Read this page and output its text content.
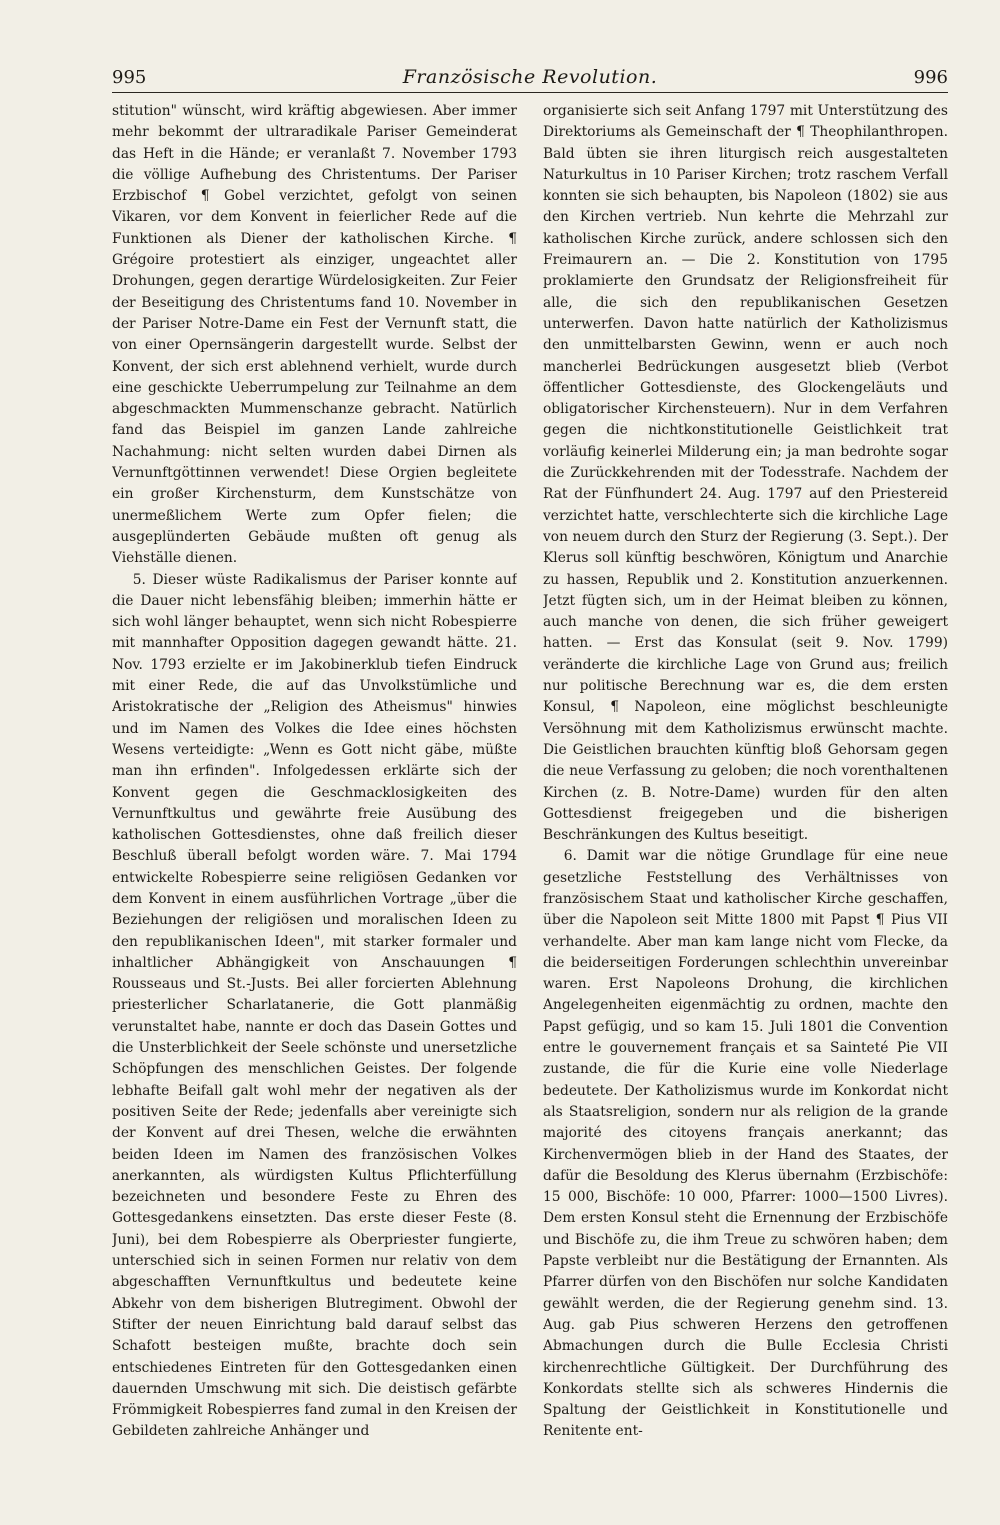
995	Französische Revolution.	996

stitution" wünscht, wird kräftig abgewiesen. Aber immer mehr bekommt der ultraradikale Pariser Gemeinderat das Heft in die Hände; er veranlaßt 7. November 1793 die völlige Aufhebung des Christentums. Der Pariser Erzbischof ¶ Gobel verzichtet, gefolgt von seinen Vikaren, vor dem Konvent in feierlicher Rede auf die Funktionen als Diener der katholischen Kirche. ¶ Grégoire protestiert als einziger, ungeachtet aller Drohungen, gegen derartige Würdelosigkeiten. Zur Feier der Beseitigung des Christentums fand 10. November in der Pariser Notre-Dame ein Fest der Vernunft statt, die von einer Opernsängerin dargestellt wurde. Selbst der Konvent, der sich erst ablehnend verhielt, wurde durch eine geschickte Ueberrumpelung zur Teilnahme an dem abgeschmackten Mummenschanze gebracht. Natürlich fand das Beispiel im ganzen Lande zahlreiche Nachahmung: nicht selten wurden dabei Dirnen als Vernunftgöttinnen verwendet! Diese Orgien begleitete ein großer Kirchensturm, dem Kunstschätze von unermeßlichem Werte zum Opfer fielen; die ausgeplünderten Gebäude mußten oft genug als Viehställe dienen.

5. Dieser wüste Radikalismus der Pariser konnte auf die Dauer nicht lebensfähig bleiben; immerhin hätte er sich wohl länger behauptet, wenn sich nicht Robespierre mit mannhafter Opposition dagegen gewandt hätte. 21. Nov. 1793 erzielte er im Jakobinerklub tiefen Eindruck mit einer Rede, die auf das Unvolkstümliche und Aristokratische der „Religion des Atheismus" hinwies und im Namen des Volkes die Idee eines höchsten Wesens verteidigte: „Wenn es Gott nicht gäbe, müßte man ihn erfinden". Infolgedessen erklärte sich der Konvent gegen die Geschmacklosigkeiten des Vernunftkultus und gewährte freie Ausübung des katholischen Gottesdienstes, ohne daß freilich dieser Beschluß überall befolgt worden wäre. 7. Mai 1794 entwickelte Robespierre seine religiösen Gedanken vor dem Konvent in einem ausführlichen Vortrage „über die Beziehungen der religiösen und moralischen Ideen zu den republikanischen Ideen", mit starker formaler und inhaltlicher Abhängigkeit von Anschauungen ¶ Rousseaus und St.-Justs. Bei aller forcierten Ablehnung priesterlicher Scharlatanerie, die Gott planmäßig verunstaltet habe, nannte er doch das Dasein Gottes und die Unsterblichkeit der Seele schönste und unersetzliche Schöpfungen des menschlichen Geistes. Der folgende lebhafte Beifall galt wohl mehr der negativen als der positiven Seite der Rede; jedenfalls aber vereinigte sich der Konvent auf drei Thesen, welche die erwähnten beiden Ideen im Namen des französischen Volkes anerkannten, als würdigsten Kultus Pflichterfüllung bezeichneten und besondere Feste zu Ehren des Gottesgedankens einsetzten. Das erste dieser Feste (8. Juni), bei dem Robespierre als Oberpriester fungierte, unterschied sich in seinen Formen nur relativ von dem abgeschafften Vernunftkultus und bedeutete keine Abkehr von dem bisherigen Blutregiment. Obwohl der Stifter der neuen Einrichtung bald darauf selbst das Schafott besteigen mußte, brachte doch sein entschiedenes Eintreten für den Gottesgedanken einen dauernden Umschwung mit sich. Die deistisch gefärbte Frömmigkeit Robespierres fand zumal in den Kreisen der Gebildeten zahlreiche Anhänger und

organisierte sich seit Anfang 1797 mit Unterstützung des Direktoriums als Gemeinschaft der ¶ Theophilanthropen. Bald übten sie ihren liturgisch reich ausgestalteten Naturkultus in 10 Pariser Kirchen; trotz raschem Verfall konnten sie sich behaupten, bis Napoleon (1802) sie aus den Kirchen vertrieb. Nun kehrte die Mehrzahl zur katholischen Kirche zurück, andere schlossen sich den Freimaurern an. — Die 2. Konstitution von 1795 proklamierte den Grundsatz der Religionsfreiheit für alle, die sich den republikanischen Gesetzen unterwerfen. Davon hatte natürlich der Katholizismus den unmittelbarsten Gewinn, wenn er auch noch mancherlei Bedrückungen ausgesetzt blieb (Verbot öffentlicher Gottesdienste, des Glockengeläuts und obligatorischer Kirchensteuern). Nur in dem Verfahren gegen die nichtkonstitutionelle Geistlichkeit trat vorläufig keinerlei Milderung ein; ja man bedrohte sogar die Zurückkehrenden mit der Todesstrafe. Nachdem der Rat der Fünfhundert 24. Aug. 1797 auf den Priestereid verzichtet hatte, verschlechterte sich die kirchliche Lage von neuem durch den Sturz der Regierung (3. Sept.). Der Klerus soll künftig beschwören, Königtum und Anarchie zu hassen, Republik und 2. Konstitution anzuerkennen. Jetzt fügten sich, um in der Heimat bleiben zu können, auch manche von denen, die sich früher geweigert hatten. — Erst das Konsulat (seit 9. Nov. 1799) veränderte die kirchliche Lage von Grund aus; freilich nur politische Berechnung war es, die dem ersten Konsul, ¶ Napoleon, eine möglichst beschleunigte Versöhnung mit dem Katholizismus erwünscht machte. Die Geistlichen brauchten künftig bloß Gehorsam gegen die neue Verfassung zu geloben; die noch vorenthaltenen Kirchen (z. B. Notre-Dame) wurden für den alten Gottesdienst freigegeben und die bisherigen Beschränkungen des Kultus beseitigt.

6. Damit war die nötige Grundlage für eine neue gesetzliche Feststellung des Verhältnisses von französischem Staat und katholischer Kirche geschaffen, über die Napoleon seit Mitte 1800 mit Papst ¶ Pius VII verhandelte. Aber man kam lange nicht vom Flecke, da die beiderseitigen Forderungen schlechthin unvereinbar waren. Erst Napoleons Drohung, die kirchlichen Angelegenheiten eigenmächtig zu ordnen, machte den Papst gefügig, und so kam 15. Juli 1801 die Convention entre le gouvernement français et sa Sainteté Pie VII zustande, die für die Kurie eine volle Niederlage bedeutete. Der Katholizismus wurde im Konkordat nicht als Staatsreligion, sondern nur als religion de la grande majorité des citoyens français anerkannt; das Kirchenvermögen blieb in der Hand des Staates, der dafür die Besoldung des Klerus übernahm (Erzbischöfe: 15 000, Bischöfe: 10 000, Pfarrer: 1000—1500 Livres). Dem ersten Konsul steht die Ernennung der Erzbischöfe und Bischöfe zu, die ihm Treue zu schwören haben; dem Papste verbleibt nur die Bestätigung der Ernannten. Als Pfarrer dürfen von den Bischöfen nur solche Kandidaten gewählt werden, die der Regierung genehm sind. 13. Aug. gab Pius schweren Herzens den getroffenen Abmachungen durch die Bulle Ecclesia Christi kirchenrechtliche Gültigkeit. Der Durchführung des Konkordats stellte sich als schweres Hindernis die Spaltung der Geistlichkeit in Konstitutionelle und Renitente ent-
